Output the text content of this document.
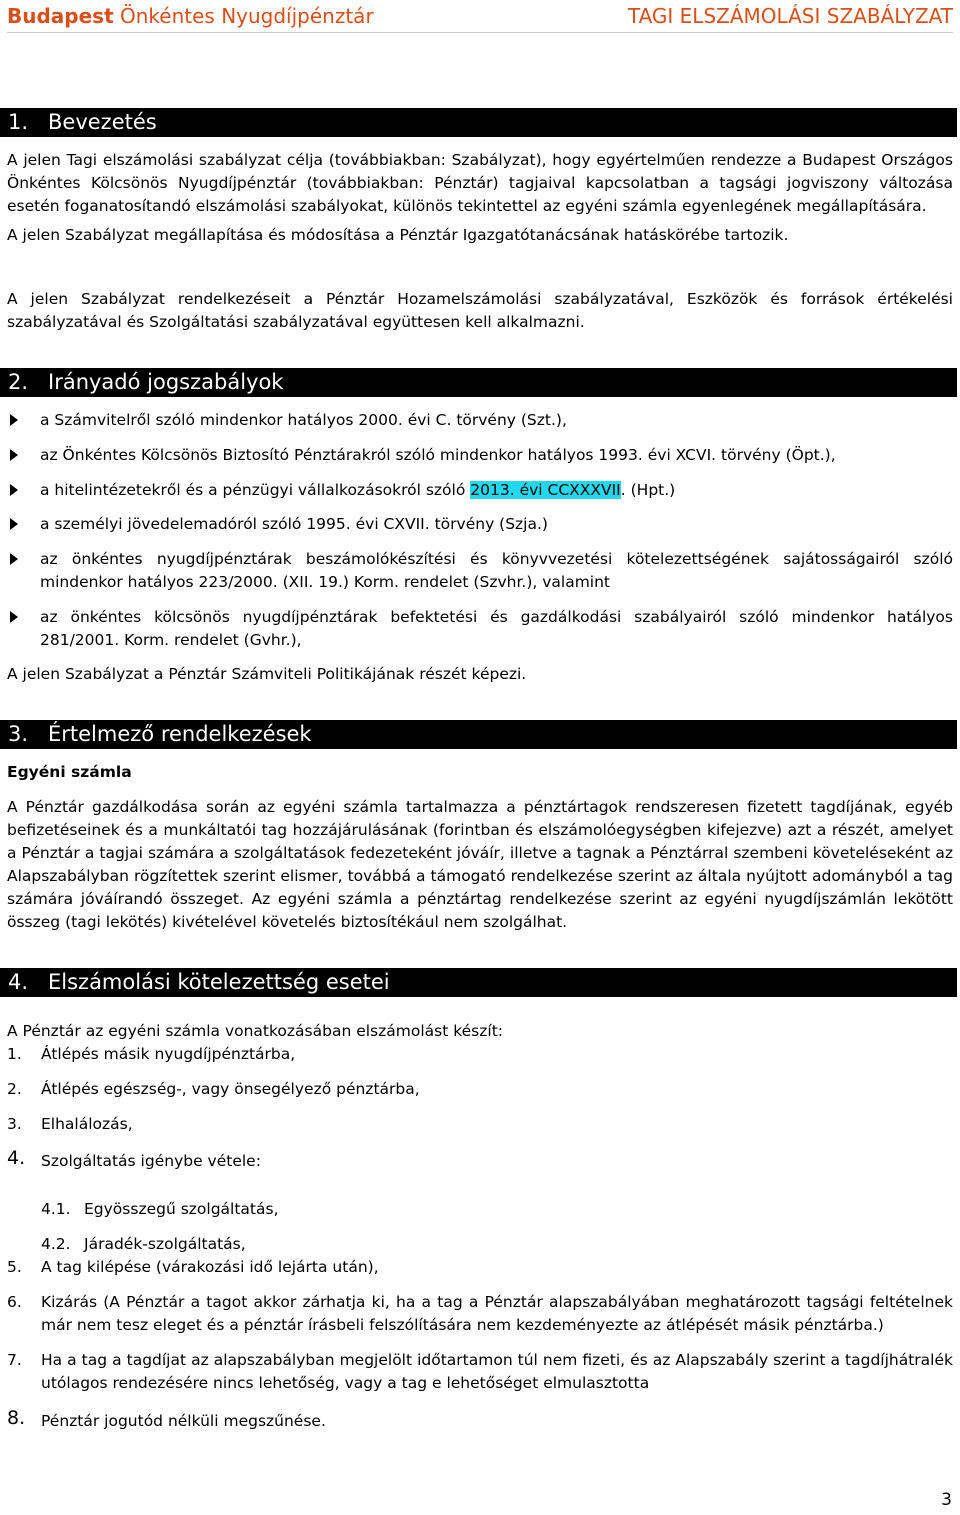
Budapest Önkéntes Nyugdíjpénztár	TAGI ELSZÁMOLÁSI SZABÁLYZAT
1. Bevezetés
A jelen Tagi elszámolási szabályzat célja (továbbiakban: Szabályzat), hogy egyértelműen rendezze a Budapest Országos Önkéntes Kölcsönös Nyugdíjpénztár (továbbiakban: Pénztár) tagjaival kapcsolatban a tagsági jogviszony változása esetén foganatosítandó elszámolási szabályokat, különös tekintettel az egyéni számla egyenlegének megállapítására.
A jelen Szabályzat megállapítása és módosítása a Pénztár Igazgatótanácsának hatáskörébe tartozik.
A jelen Szabályzat rendelkezéseit a Pénztár Hozamelszámolási szabályzatával, Eszközök és források értékelési szabályzatával és Szolgáltatási szabályzatával együttesen kell alkalmazni.
2. Irányadó jogszabályok
a Számvitelről szóló mindenkor hatályos 2000. évi C. törvény (Szt.),
az Önkéntes Kölcsönös Biztosító Pénztárakról szóló mindenkor hatályos 1993. évi XCVI. törvény (Öpt.),
a hitelintézetekről és a pénzügyi vállalkozásokról szóló 2013. évi CCXXXVII. (Hpt.)
a személyi jövedelemadóról szóló 1995. évi CXVII. törvény (Szja.)
az önkéntes nyugdíjpénztárak beszámolókészítési és könyvvezetési kötelezettségének sajátosságairól szóló mindenkor hatályos 223/2000. (XII. 19.) Korm. rendelet (Szvhr.), valamint
az önkéntes kölcsönös nyugdíjpénztárak befektetési és gazdálkodási szabályairól szóló mindenkor hatályos 281/2001. Korm. rendelet (Gvhr.),
A jelen Szabályzat a Pénztár Számviteli Politikájának részét képezi.
3. Értelmező rendelkezések
Egyéni számla
A Pénztár gazdálkodása során az egyéni számla tartalmazza a pénztártagok rendszeresen fizetett tagdíjának, egyéb befizetéseinek és a munkáltatói tag hozzájárulásának (forintban és elszámolóegységben kifejezve) azt a részét, amelyet a Pénztár a tagjai számára a szolgáltatások fedezeteként jóváír, illetve a tagnak a Pénztárral szembeni követeléseként az Alapszabályban rögzítettek szerint elismer, továbbá a támogató rendelkezése szerint az általa nyújtott adományból a tag számára jóváírandó összeget. Az egyéni számla a pénztártag rendelkezése szerint az egyéni nyugdíjszámlán lekötött összeg (tagi lekötés) kivételével követelés biztosítékául nem szolgálhat.
4. Elszámolási kötelezettség esetei
A Pénztár az egyéni számla vonatkozásában elszámolást készít:
1. Átlépés másik nyugdíjpénztárba,
2. Átlépés egészség-, vagy önsegélyező pénztárba,
3. Elhalálozás,
4. Szolgáltatás igénybe vétele:
4.1. Egyösszegű szolgáltatás,
4.2. Járadék-szolgáltatás,
5. A tag kilépése (várakozási idő lejárta után),
6. Kizárás (A Pénztár a tagot akkor zárhatja ki, ha a tag a Pénztár alapszabályában meghatározott tagsági feltételnek már nem tesz eleget és a pénztár írásbeli felszólítására nem kezdeményezte az átlépését másik pénztárba.)
7. Ha a tag a tagdíjat az alapszabályban megjelölt időtartamon túl nem fizeti, és az Alapszabály szerint a tagdíjhátralék utólagos rendezésére nincs lehetőség, vagy a tag e lehetőséget elmulasztotta
8. Pénztár jogutód nélküli megszűnése.
3
